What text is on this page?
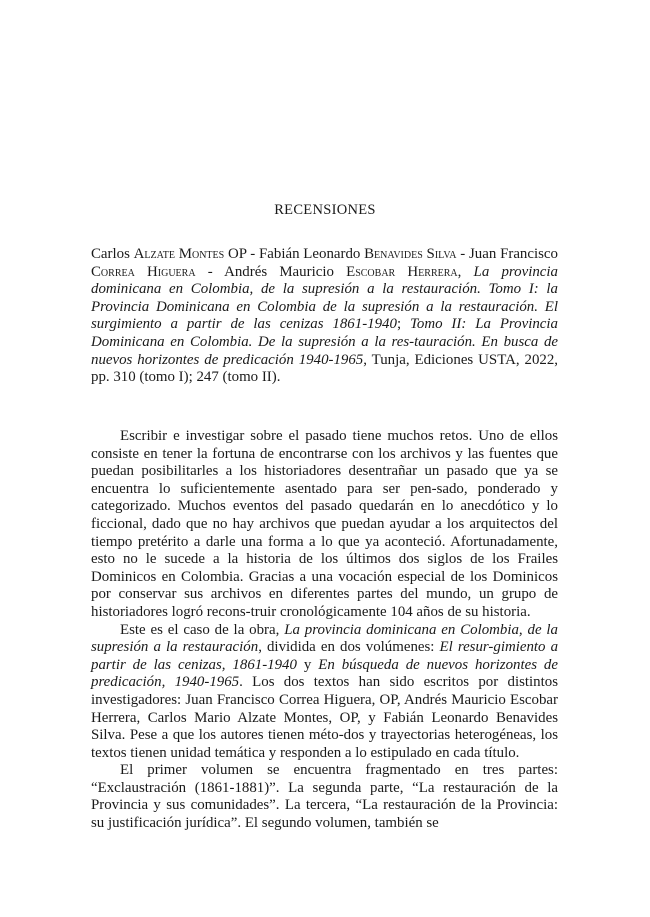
RECENSIONES
Carlos Alzate Montes OP - Fabián Leonardo Benavides Silva - Juan Francisco Correa Higuera - Andrés Mauricio Escobar Herrera, La provincia dominicana en Colombia, de la supresión a la restauración. Tomo I: la Provincia Dominicana en Colombia de la supresión a la restauración. El surgimiento a partir de las cenizas 1861-1940; Tomo II: La Provincia Dominicana en Colombia. De la supresión a la res-tauración. En busca de nuevos horizontes de predicación 1940-1965, Tunja, Ediciones USTA, 2022, pp. 310 (tomo I); 247 (tomo II).

Escribir e investigar sobre el pasado tiene muchos retos. Uno de ellos consiste en tener la fortuna de encontrarse con los archivos y las fuentes que puedan posibilitarles a los historiadores desentrañar un pasado que ya se encuentra lo suficientemente asentado para ser pen-sado, ponderado y categorizado. Muchos eventos del pasado quedarán en lo anecdótico y lo ficcional, dado que no hay archivos que puedan ayudar a los arquitectos del tiempo pretérito a darle una forma a lo que ya aconteció. Afortunadamente, esto no le sucede a la historia de los últimos dos siglos de los Frailes Dominicos en Colombia. Gracias a una vocación especial de los Dominicos por conservar sus archivos en diferentes partes del mundo, un grupo de historiadores logró recons-truir cronológicamente 104 años de su historia.

Este es el caso de la obra, La provincia dominicana en Colombia, de la supresión a la restauración, dividida en dos volúmenes: El resur-gimiento a partir de las cenizas, 1861-1940 y En búsqueda de nuevos horizontes de predicación, 1940-1965. Los dos textos han sido escritos por distintos investigadores: Juan Francisco Correa Higuera, OP, Andrés Mauricio Escobar Herrera, Carlos Mario Alzate Montes, OP, y Fabián Leonardo Benavides Silva. Pese a que los autores tienen méto-dos y trayectorias heterogéneas, los textos tienen unidad temática y responden a lo estipulado en cada título.

El primer volumen se encuentra fragmentado en tres partes: “Exclaustración (1861-1881)”. La segunda parte, “La restauración de la Provincia y sus comunidades”. La tercera, “La restauración de la Provincia: su justificación jurídica”. El segundo volumen, también se
